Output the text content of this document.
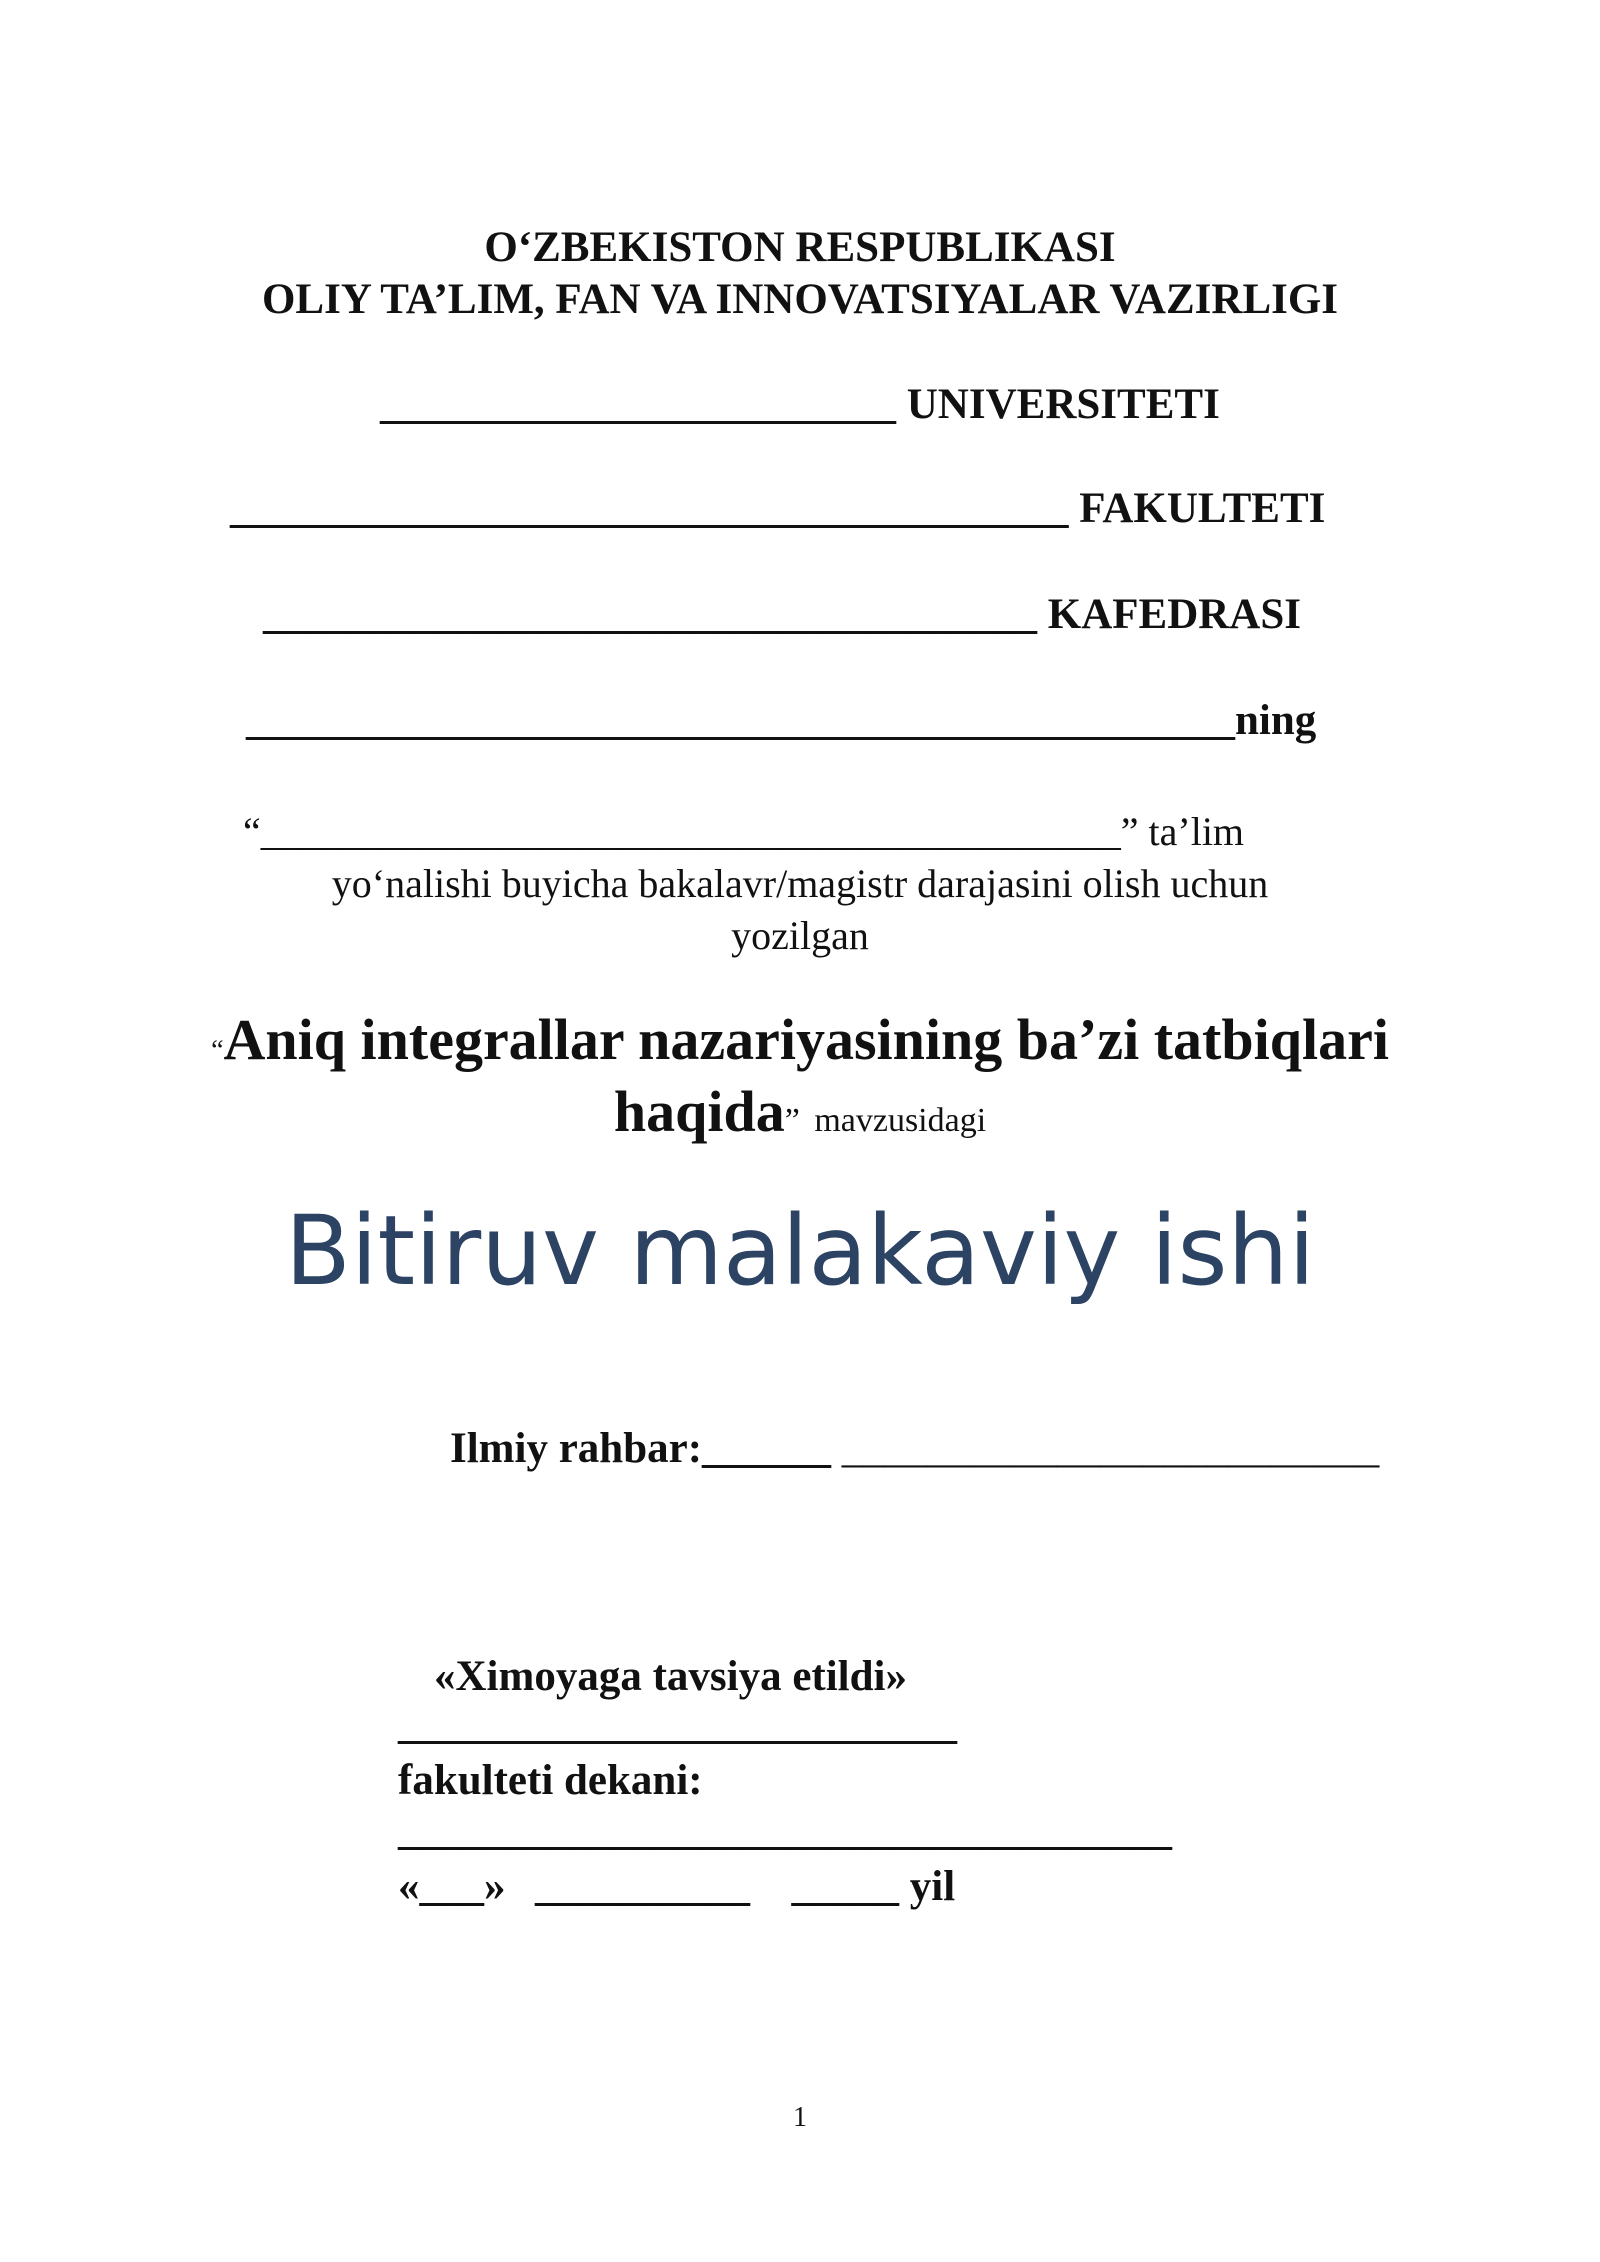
O‘ZBEKISTON RESPUBLIKASI
OLIY TA’LIM, FAN VA INNOVATSIYALAR VAZIRLIGI
________________________ UNIVERSITETI
_______________________________________ FAKULTETI
____________________________________ KAFEDRASI
______________________________________________ning
“___________________________________________” ta’lim
yo‘nalishi buyicha bakalavr/magistr darajasini olish uchun
yozilgan
“Aniq integrallar nazariyasining ba’zi tatbiqlari
haqida” mavzusidagi
Bitiruv malakaviy ishi
Ilmiy rahbar:______ _________________________
«Ximoyaga tavsiya etildi»
__________________________
fakulteti dekani:
____________________________________
«___» __________ _____ yil
1
